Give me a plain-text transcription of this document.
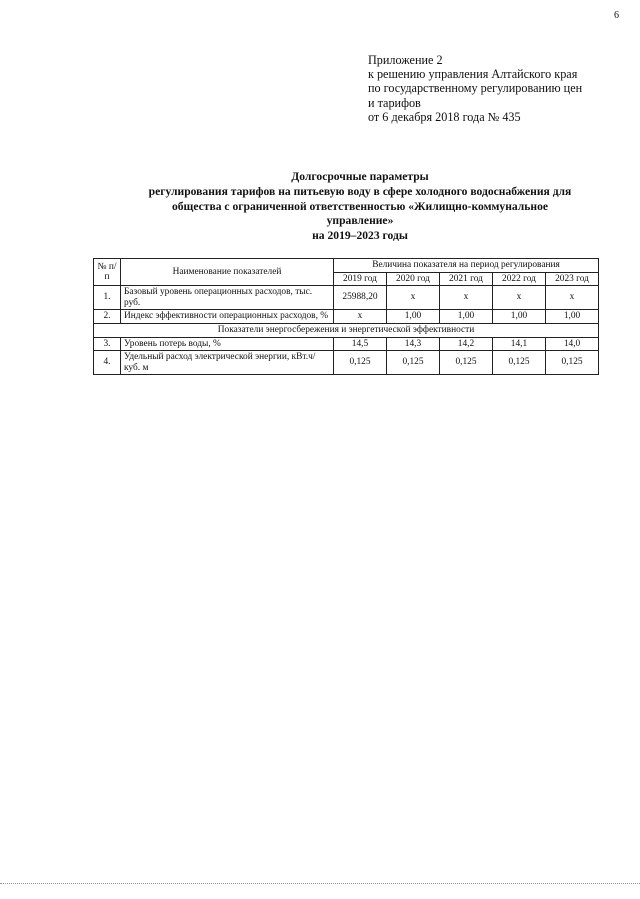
6
Приложение 2
к решению управления Алтайского края
по государственному регулированию цен
и тарифов
от 6 декабря 2018 года № 435
Долгосрочные параметры
регулирования тарифов на питьевую воду в сфере холодного водоснабжения для
общества с ограниченной ответственностью «Жилищно-коммунальное
управление»
на 2019–2023 годы
№ п/п	Наименование показателей	Величина показателя на период регулирования				
		2019 год	2020 год	2021 год	2022 год	2023 год
1.	Базовый уровень операционных расходов, тыс. руб.	25988,20	х	х	х	х
2.	Индекс эффективности операционных расходов, %	х	1,00	1,00	1,00	1,00
Показатели энергосбережения и энергетической эффективности						
3.	Уровень потерь воды, %	14,5	14,3	14,2	14,1	14,0
4.	Удельный расход электрической энергии, кВт.ч/куб. м	0,125	0,125	0,125	0,125	0,125
